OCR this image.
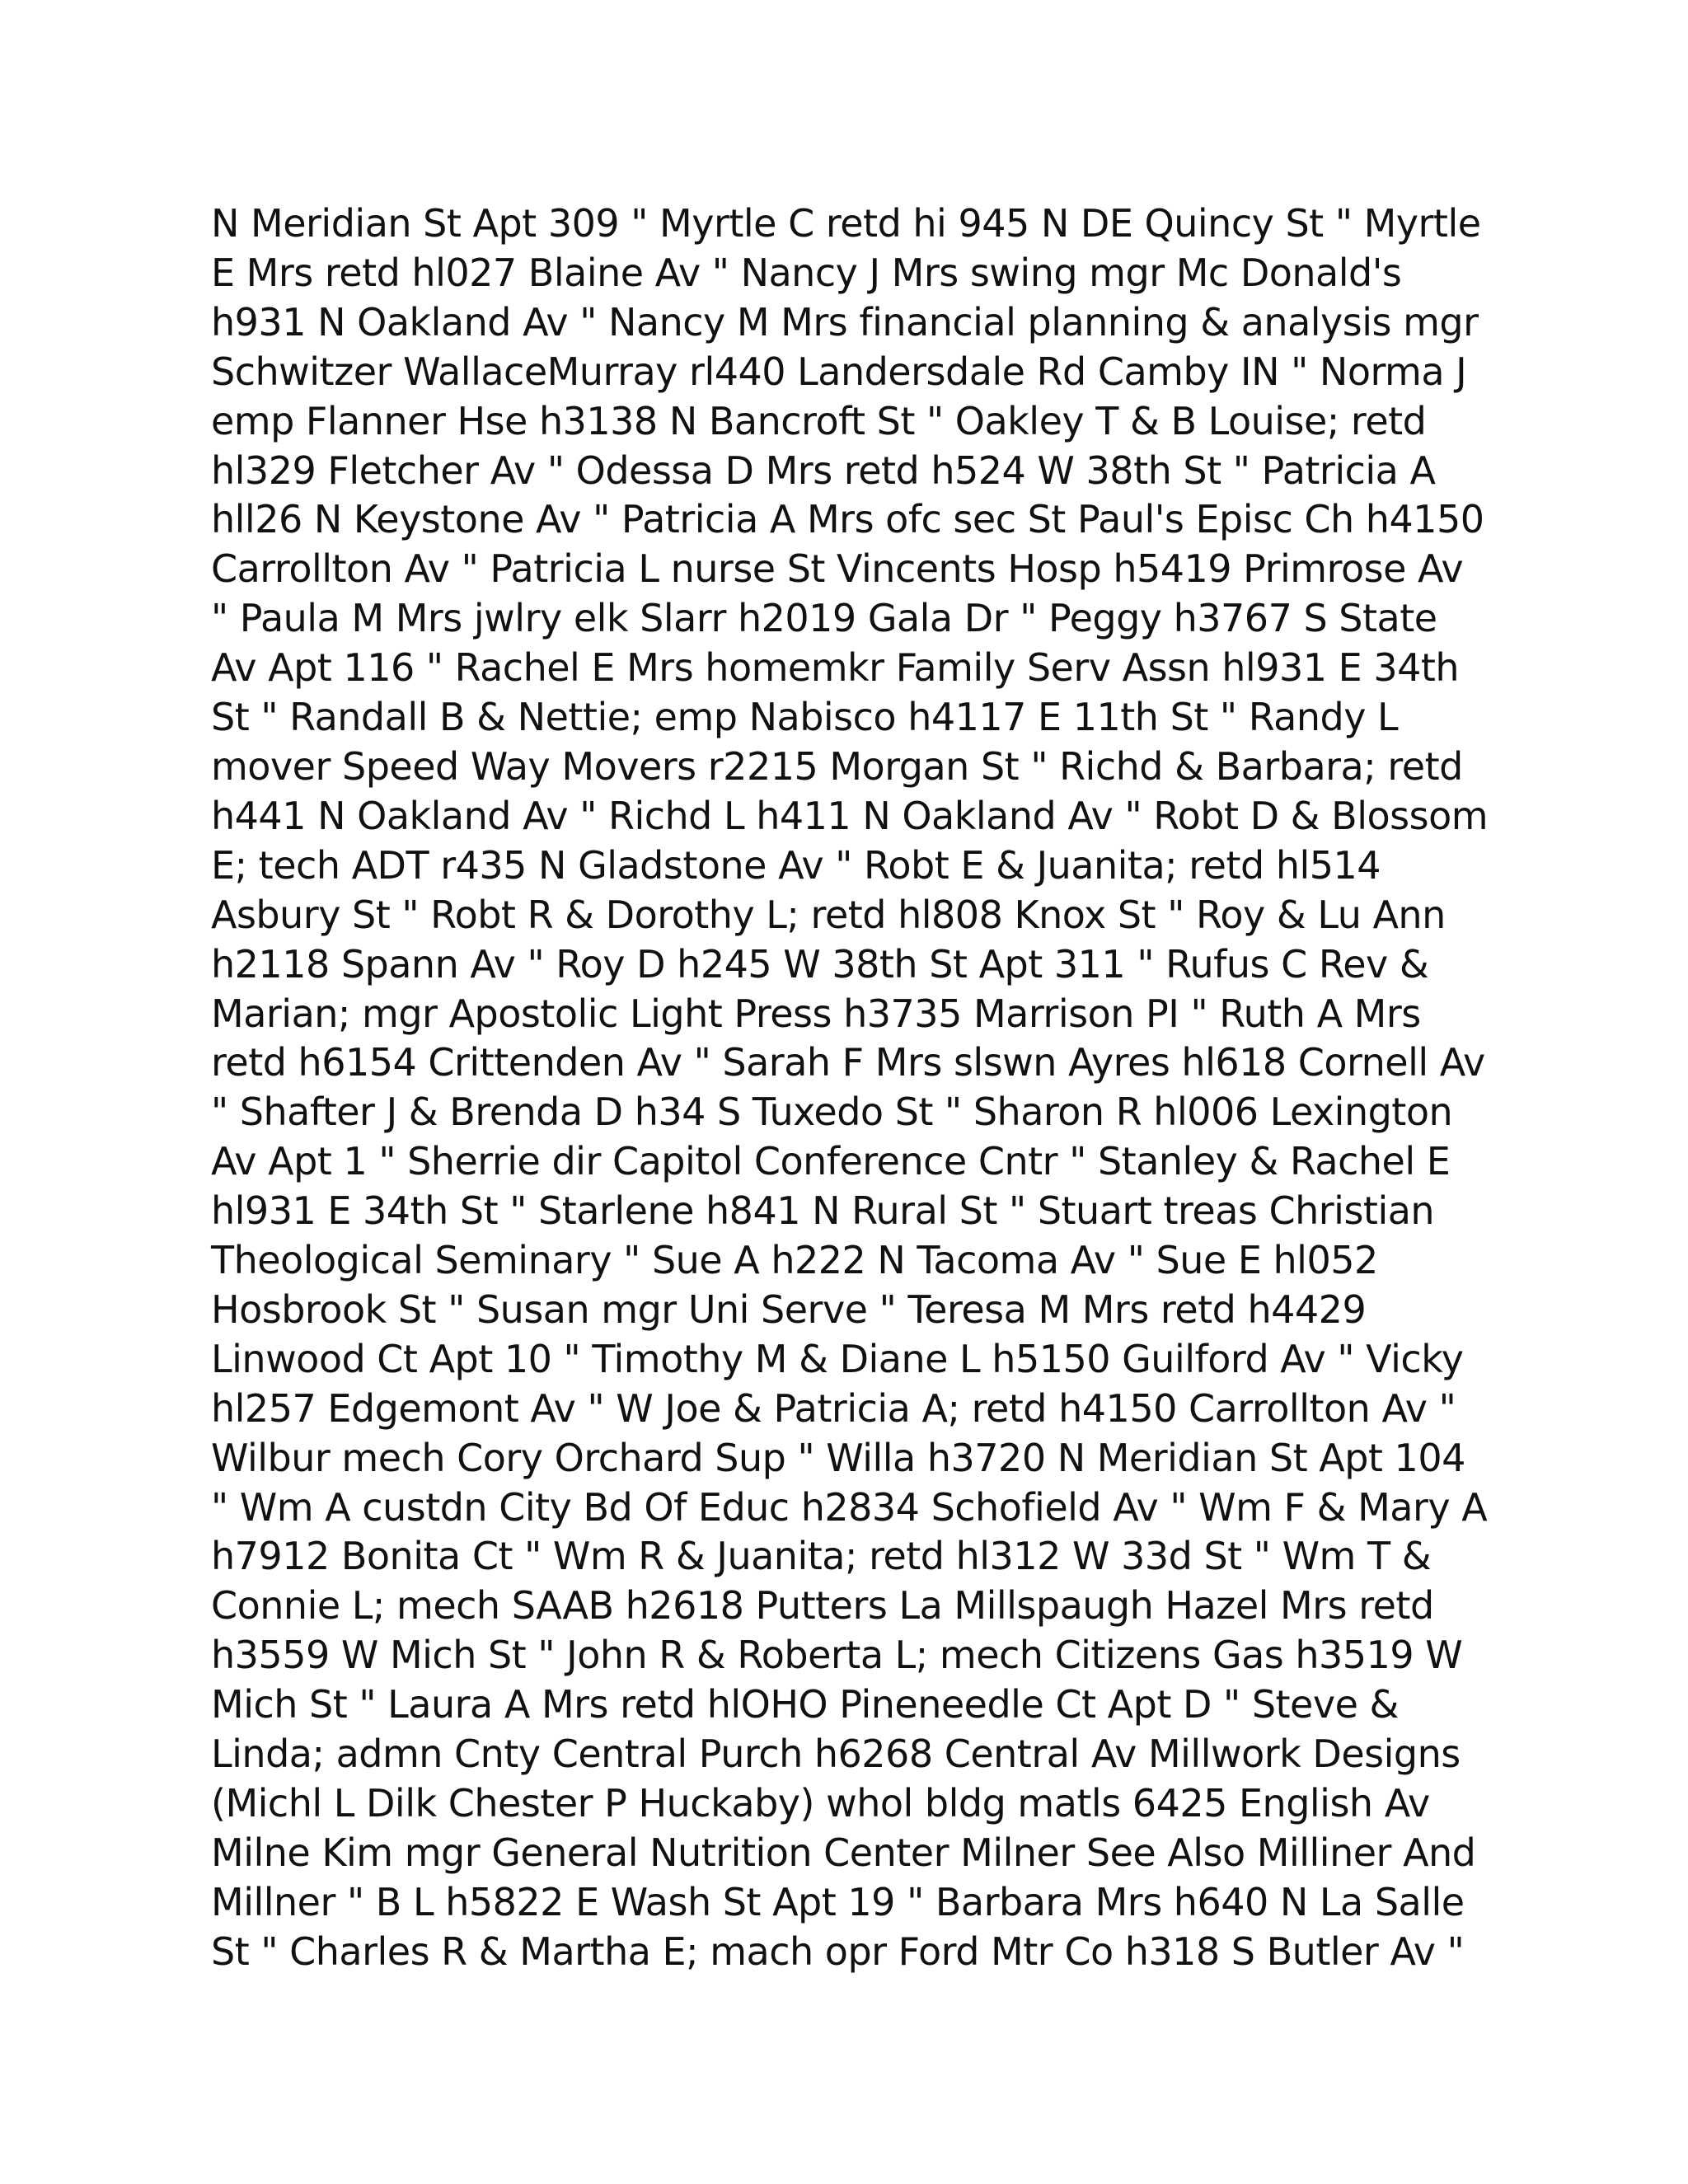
N Meridian St Apt 309 " Myrtle C retd hi 945 N DE Quincy St " Myrtle
E Mrs retd hl027 Blaine Av " Nancy J Mrs swing mgr Mc Donald's
h931 N Oakland Av " Nancy M Mrs financial planning & analysis mgr
Schwitzer WallaceMurray rl440 Landersdale Rd Camby IN " Norma J
emp Flanner Hse h3138 N Bancroft St " Oakley T & B Louise; retd
hl329 Fletcher Av " Odessa D Mrs retd h524 W 38th St " Patricia A
hll26 N Keystone Av " Patricia A Mrs ofc sec St Paul's Episc Ch h4150
Carrollton Av " Patricia L nurse St Vincents Hosp h5419 Primrose Av
" Paula M Mrs jwlry elk Slarr h2019 Gala Dr " Peggy h3767 S State
Av Apt 116 " Rachel E Mrs homemkr Family Serv Assn hl931 E 34th
St " Randall B & Nettie; emp Nabisco h4117 E 11th St " Randy L
mover Speed Way Movers r2215 Morgan St " Richd & Barbara; retd
h441 N Oakland Av " Richd L h411 N Oakland Av " Robt D & Blossom
E; tech ADT r435 N Gladstone Av " Robt E & Juanita; retd hl514
Asbury St " Robt R & Dorothy L; retd hl808 Knox St " Roy & Lu Ann
h2118 Spann Av " Roy D h245 W 38th St Apt 311 " Rufus C Rev &
Marian; mgr Apostolic Light Press h3735 Marrison PI " Ruth A Mrs
retd h6154 Crittenden Av " Sarah F Mrs slswn Ayres hl618 Cornell Av
" Shafter J & Brenda D h34 S Tuxedo St " Sharon R hl006 Lexington
Av Apt 1 " Sherrie dir Capitol Conference Cntr " Stanley & Rachel E
hl931 E 34th St " Starlene h841 N Rural St " Stuart treas Christian
Theological Seminary " Sue A h222 N Tacoma Av " Sue E hl052
Hosbrook St " Susan mgr Uni Serve " Teresa M Mrs retd h4429
Linwood Ct Apt 10 " Timothy M & Diane L h5150 Guilford Av " Vicky
hl257 Edgemont Av " W Joe & Patricia A; retd h4150 Carrollton Av "
Wilbur mech Cory Orchard Sup " Willa h3720 N Meridian St Apt 104
" Wm A custdn City Bd Of Educ h2834 Schofield Av " Wm F & Mary A
h7912 Bonita Ct " Wm R & Juanita; retd hl312 W 33d St " Wm T &
Connie L; mech SAAB h2618 Putters La Millspaugh Hazel Mrs retd
h3559 W Mich St " John R & Roberta L; mech Citizens Gas h3519 W
Mich St " Laura A Mrs retd hlOHO Pineneedle Ct Apt D " Steve &
Linda; admn Cnty Central Purch h6268 Central Av Millwork Designs
(Michl L Dilk Chester P Huckaby) whol bldg matls 6425 English Av
Milne Kim mgr General Nutrition Center Milner See Also Milliner And
Millner " B L h5822 E Wash St Apt 19 " Barbara Mrs h640 N La Salle
St " Charles R & Martha E; mach opr Ford Mtr Co h318 S Butler Av "
